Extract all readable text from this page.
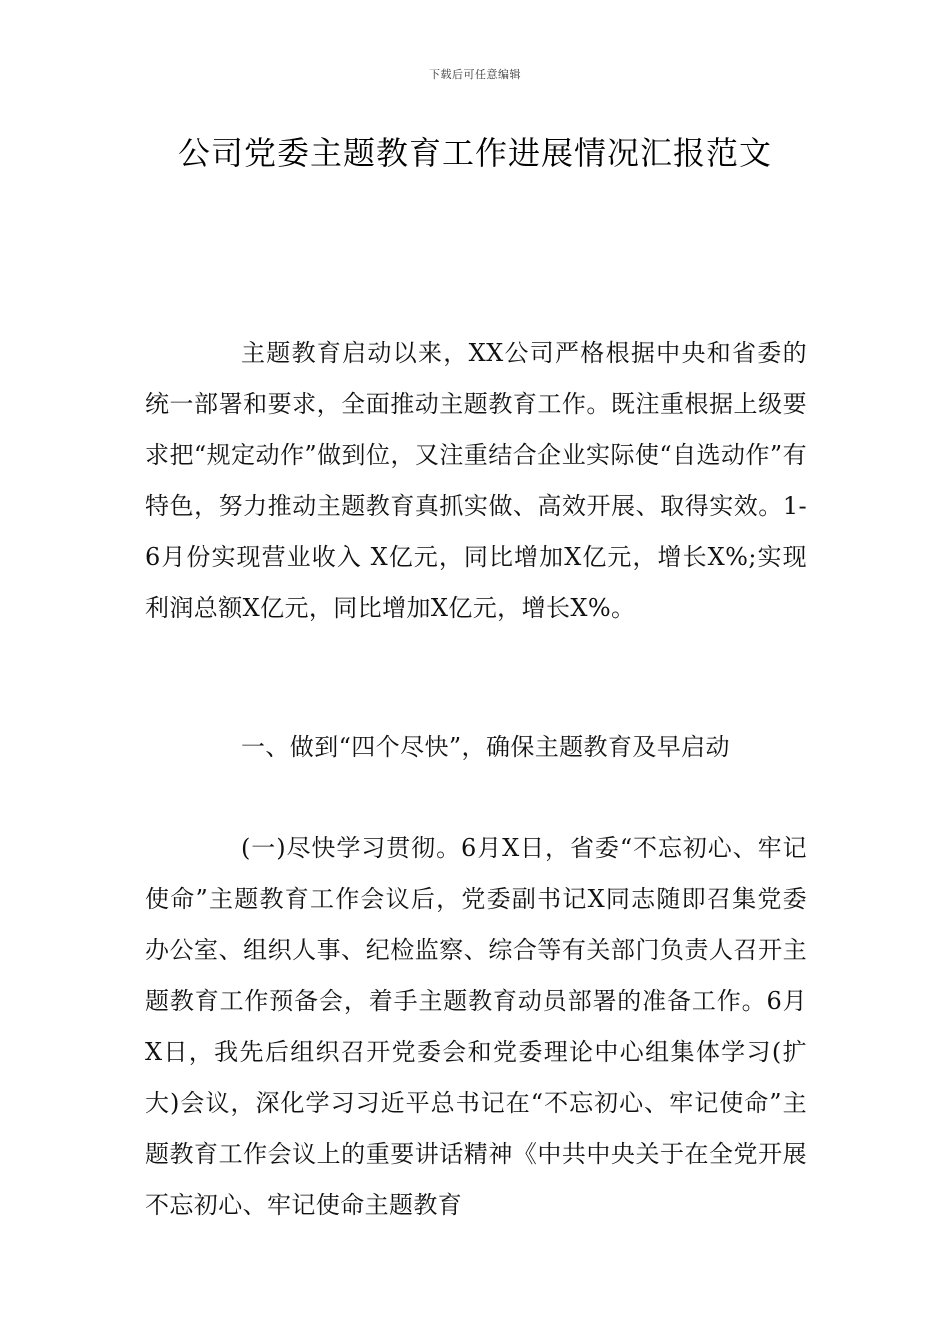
下载后可任意编辑
公司党委主题教育工作进展情况汇报范文

主题教育启动以来，XX公司严格根据中央和省委的统一部署和要求，全面推动主题教育工作。既注重根据上级要求把“规定动作”做到位，又注重结合企业实际使“自选动作”有特色，努力推动主题教育真抓实做、高效开展、取得实效。1-6月份实现营业收入 X亿元，同比增加X亿元，增长X%;实现利润总额X亿元，同比增加X亿元，增长X%。

一、做到“四个尽快”，确保主题教育及早启动

(一)尽快学习贯彻。6月X日，省委“不忘初心、牢记使命”主题教育工作会议后，党委副书记X同志随即召集党委办公室、组织人事、纪检监察、综合等有关部门负责人召开主题教育工作预备会，着手主题教育动员部署的准备工作。6月X日，我先后组织召开党委会和党委理论中心组集体学习(扩大)会议，深化学习习近平总书记在“不忘初心、牢记使命”主题教育工作会议上的重要讲话精神《中共中央关于在全党开展不忘初心、牢记使命主题教育
